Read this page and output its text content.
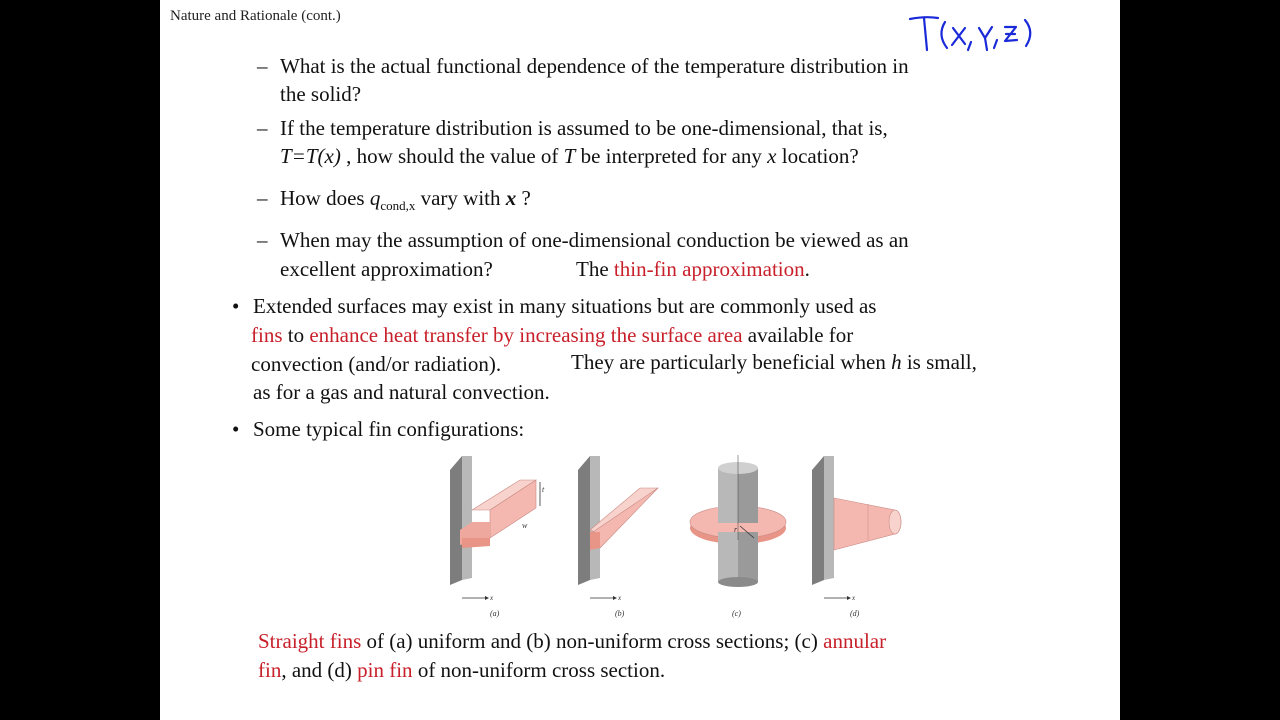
Nature and Rationale (cont.)
– What is the actual functional dependence of the temperature distribution in
the solid?
– If the temperature distribution is assumed to be one-dimensional, that is,
T=T(x) , how should the value of T be interpreted for any x location?
– How does $q_{cond,x}$ vary with x ?
– When may the assumption of one-dimensional conduction be viewed as an
excellent approximation?	The thin-fin approximation.
• Extended surfaces may exist in many situations but are commonly used as
fins to enhance heat transfer by increasing the surface area available for
convection (and/or radiation).	They are particularly beneficial when h is small,
as for a gas and natural convection.
• Some typical fin configurations:
t
w
x	x
r
x
(a)	(b)	(c)	(d)
Straight fins of (a) uniform and (b) non-uniform cross sections; (c) annular
fin, and (d) pin fin of non-uniform cross section.
